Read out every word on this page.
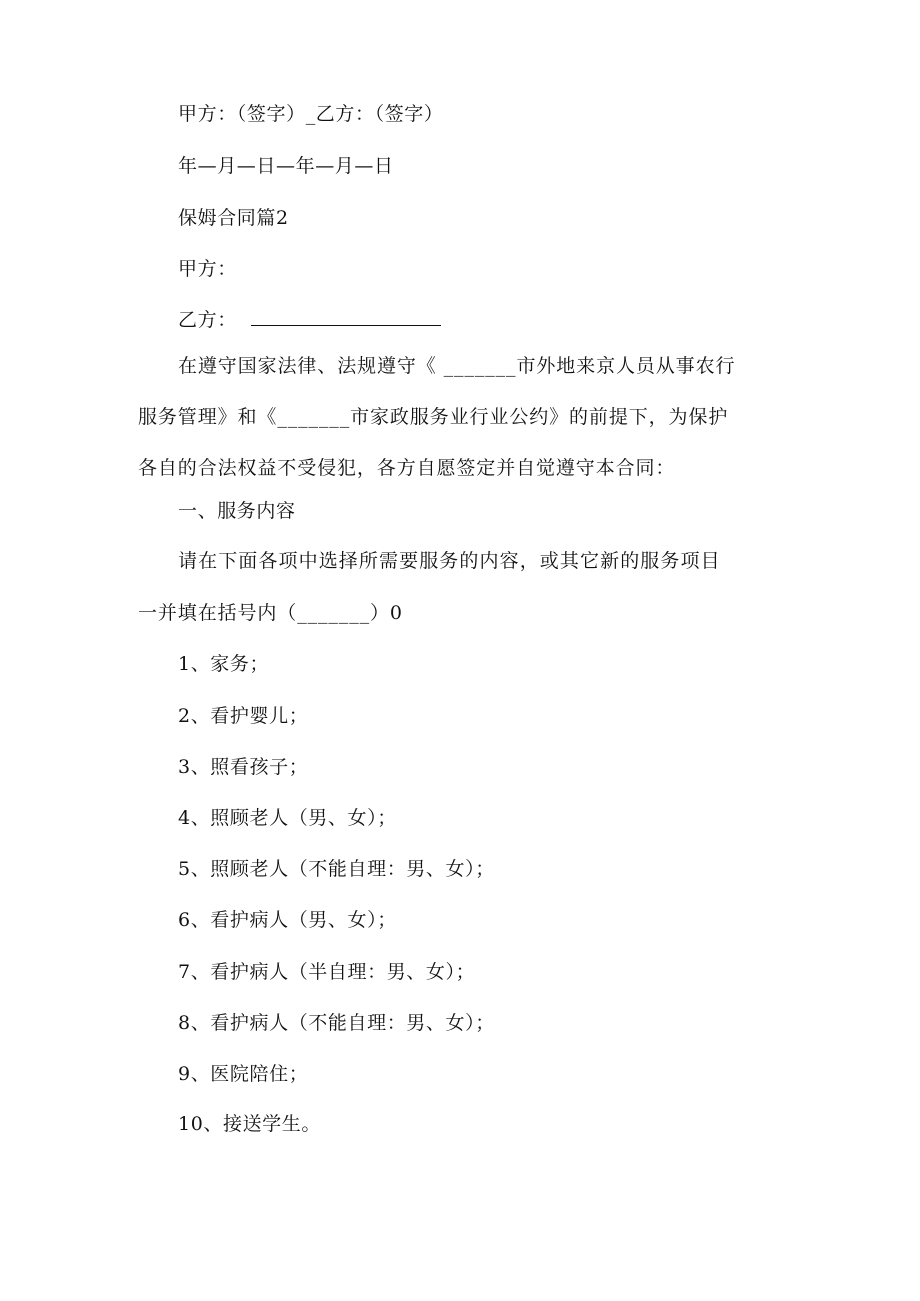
甲方：（签字）_乙方：（签字）
年—月—日—年—月—日
保姆合同篇2
甲方：
乙方：
在遵守国家法律、法规遵守《 _______市外地来京人员从事农行
服务管理》和《_______市家政服务业行业公约》的前提下，为保护
各自的合法权益不受侵犯，各方自愿签定并自觉遵守本合同：
一、服务内容
请在下面各项中选择所需要服务的内容，或其它新的服务项目
一并填在括号内（_______）0
1、家务；
2、看护婴儿；
3、照看孩子；
4、照顾老人（男、女）；
5、照顾老人（不能自理：男、女）；
6、看护病人（男、女）；
7、看护病人（半自理：男、女）；
8、看护病人（不能自理：男、女）；
9、医院陪住；
10、接送学生。
